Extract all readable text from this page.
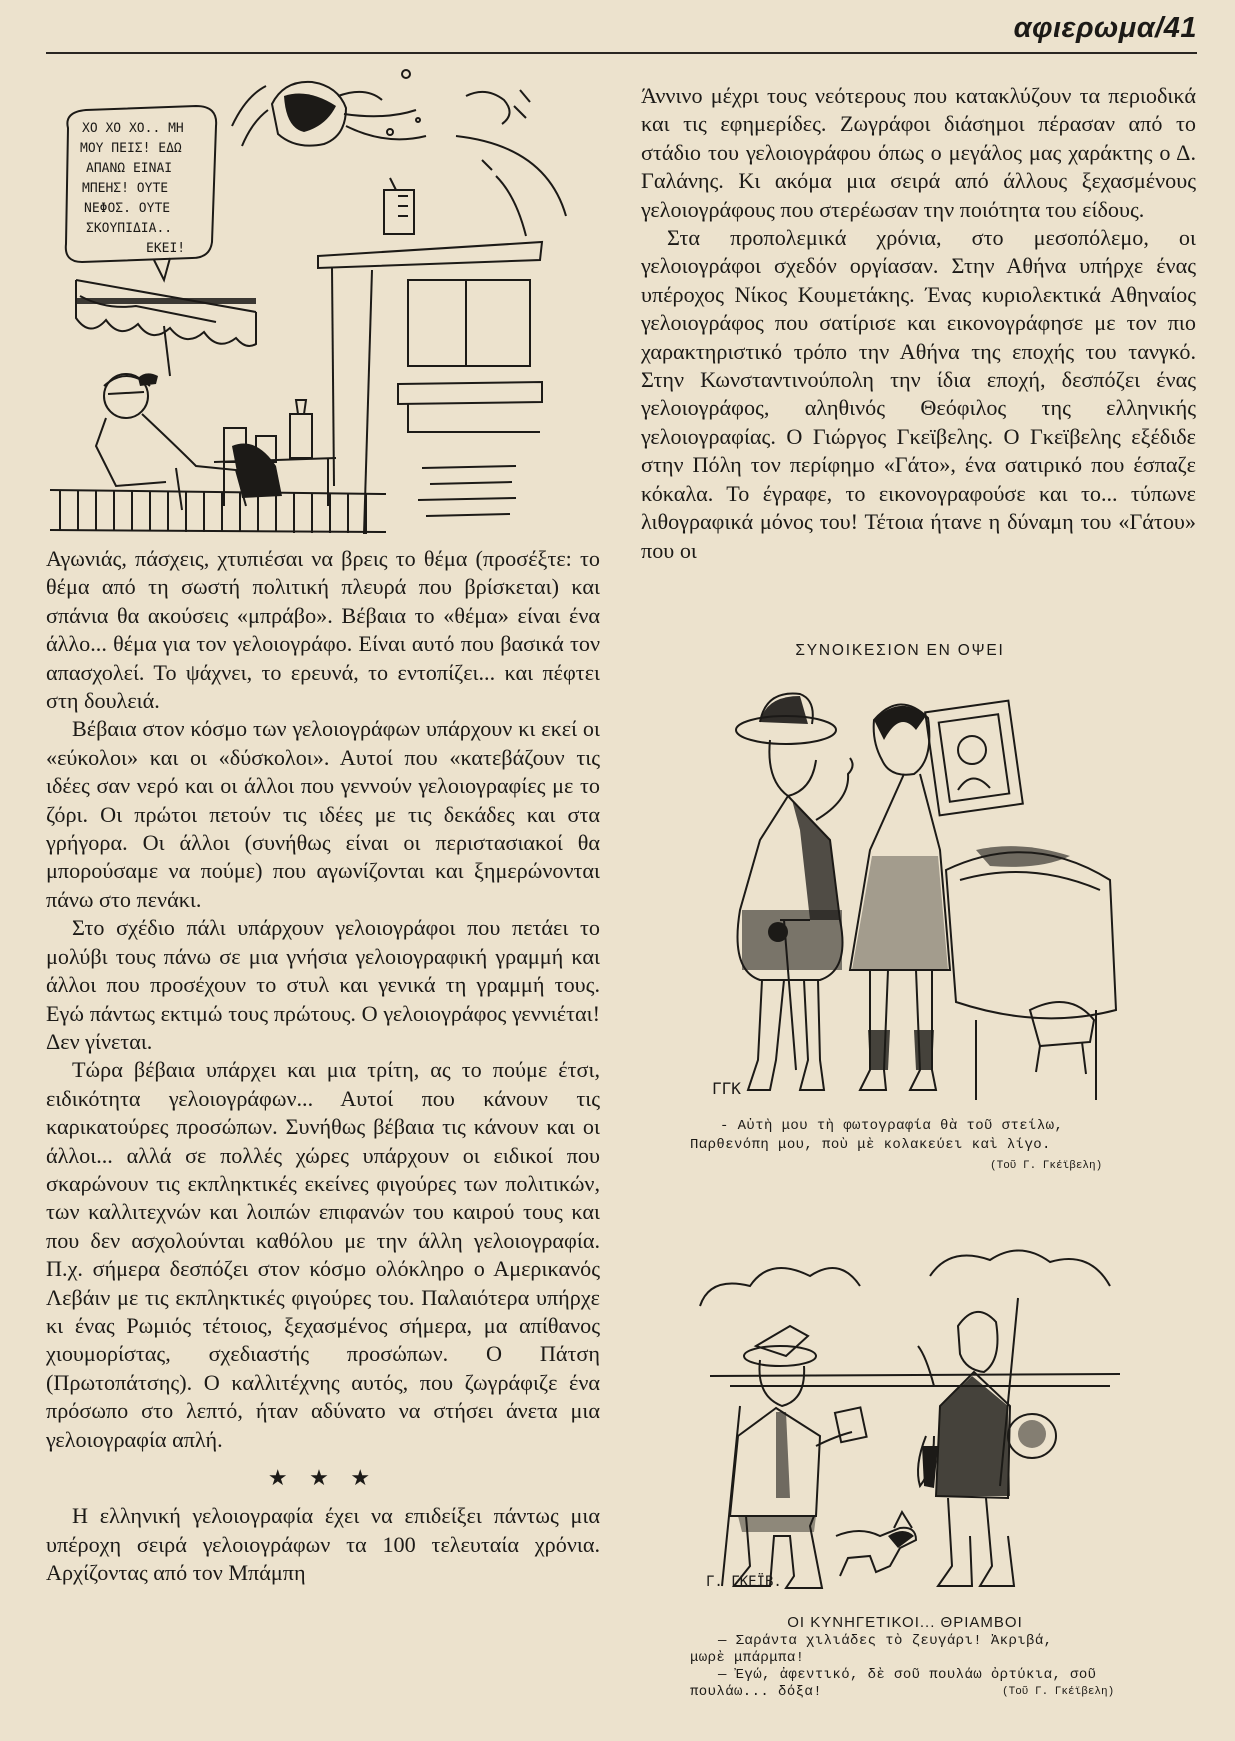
αφιερωμα/41
ΧΟ ΧΟ ΧΟ.. ΜΗ
ΜΟΥ ΠΕΙΣ! ΕΔΩ
ΑΠΑΝΩ ΕΙΝΑΙ
ΜΠΕΗΣ! ΟΥΤΕ
ΝΕΦΟΣ. ΟΥΤΕ
ΣΚΟΥΠΙΔΙΑ..
ΕΚΕΙ!

Αγωνιάς, πάσχεις, χτυπιέσαι να βρεις το θέμα (προσέξτε: το θέμα από τη σωστή πολιτική πλευρά που βρίσκεται) και σπάνια θα ακούσεις «μπράβο». Βέβαια το «θέμα» είναι ένα άλλο... θέμα για τον γελοιογράφο. Είναι αυτό που βασικά τον απασχολεί. Το ψάχνει, το ερευνά, το εντοπίζει... και πέφτει στη δουλειά.

Βέβαια στον κόσμο των γελοιογράφων υπάρχουν κι εκεί οι «εύκολοι» και οι «δύσκολοι». Αυτοί που «κατεβάζουν τις ιδέες σαν νερό και οι άλλοι που γεννούν γελοιογραφίες με το ζόρι. Οι πρώτοι πετούν τις ιδέες με τις δεκάδες και στα γρήγορα. Οι άλλοι (συνήθως είναι οι περιστασιακοί θα μπορούσαμε να πούμε) που αγωνίζονται και ξημερώνονται πάνω στο πενάκι.

Στο σχέδιο πάλι υπάρχουν γελοιογράφοι που πετάει το μολύβι τους πάνω σε μια γνήσια γελοιογραφική γραμμή και άλλοι που προσέχουν το στυλ και γενικά τη γραμμή τους. Εγώ πάντως εκτιμώ τους πρώτους. Ο γελοιογράφος γεννιέται! Δεν γίνεται.

Τώρα βέβαια υπάρχει και μια τρίτη, ας το πούμε έτσι, ειδικότητα γελοιογράφων... Αυτοί που κάνουν τις καρικατούρες προσώπων. Συνήθως βέβαια τις κάνουν και οι άλλοι... αλλά σε πολλές χώρες υπάρχουν οι ειδικοί που σκαρώνουν τις εκπληκτικές εκείνες φιγούρες των πολιτικών, των καλλιτεχνών και λοιπών επιφανών του καιρού τους και που δεν ασχολούνται καθόλου με την άλλη γελοιογραφία. Π.χ. σήμερα δεσπόζει στον κόσμο ολόκληρο ο Αμερικανός Λεβάιν με τις εκπληκτικές φιγούρες του. Παλαιότερα υπήρχε κι ένας Ρωμιός τέτοιος, ξεχασμένος σήμερα, μα απίθανος χιουμορίστας, σχεδιαστής προσώπων. Ο Πάτση (Πρωτοπάτσης). Ο καλλιτέχνης αυτός, που ζωγράφιζε ένα πρόσωπο στο λεπτό, ήταν αδύνατο να στήσει άνετα μια γελοιογραφία απλή.

★ ★ ★

Η ελληνική γελοιογραφία έχει να επιδείξει πάντως μια υπέροχη σειρά γελοιογράφων τα 100 τελευταία χρόνια. Αρχίζοντας από τον Μπάμπη

Άννινο μέχρι τους νεότερους που κατακλύζουν τα περιοδικά και τις εφημερίδες. Ζωγράφοι διάσημοι πέρασαν από το στάδιο του γελοιογράφου όπως ο μεγάλος μας χαράκτης ο Δ. Γαλάνης. Κι ακόμα μια σειρά από άλλους ξεχασμένους γελοιογράφους που στερέωσαν την ποιότητα του είδους.

Στα προπολεμικά χρόνια, στο μεσοπόλεμο, οι γελοιογράφοι σχεδόν οργίασαν. Στην Αθήνα υπήρχε ένας υπέροχος Νίκος Κουμετάκης. Ένας κυριολεκτικά Αθηναίος γελοιογράφος που σατίρισε και εικονογράφησε με τον πιο χαρακτηριστικό τρόπο την Αθήνα της εποχής του τανγκό. Στην Κωνσταντινούπολη την ίδια εποχή, δεσπόζει ένας γελοιογράφος, αληθινός Θεόφιλος της ελληνικής γελοιογραφίας. Ο Γιώργος Γκεϊβελης. Ο Γκεϊβελης εξέδιδε στην Πόλη τον περίφημο «Γάτο», ένα σατιρικό που έσπαζε κόκαλα. Το έγραφε, το εικονογραφούσε και το... τύπωνε λιθογραφικά μόνος του! Τέτοια ήτανε η δύναμη του «Γάτου» που οι

ΣΥΝΟΙΚΕΣΙΟΝ ΕΝ ΟΨΕΙ
ΓΓΚ
- Αὐτὴ μου τὴ φωτογραφία θὰ τοῦ στείλω,
Παρθενόπη μου, ποὺ μὲ κολακεύει καὶ λίγο.
(Τοῦ Γ. Γκέϊβελη)
Γ. ΓΚΕΪΒ.
ΟΙ ΚΥΝΗΓΕΤΙΚΟΙ... ΘΡΙΑΜΒΟΙ
— Σαράντα χιλιάδες τὸ ζευγάρι! Ἀκριβά,
μωρὲ μπάρμπα!
— Ἐγώ, ἀφεντικό, δὲ σοῦ πουλάω ὀρτύκια, σοῦ
πουλάω... δόξα!	(Τοῦ Γ. Γκέϊβελη)
